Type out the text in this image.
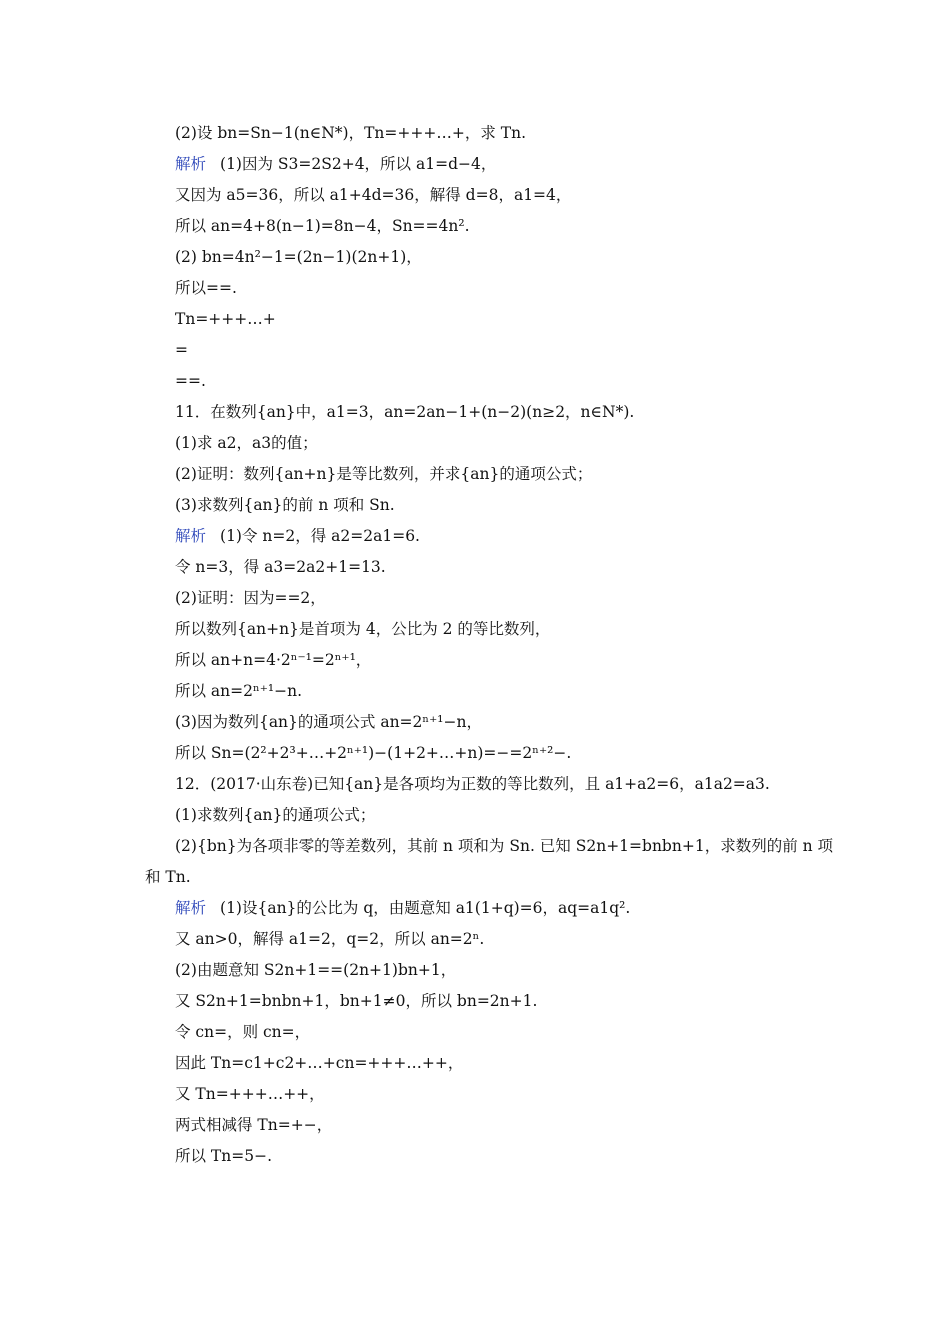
(2)设 bn=Sn−1(n∈N*)，Tn=+++…+，求 Tn.
解析 (1)因为 S3=2S2+4，所以 a1=d−4，
又因为 a5=36，所以 a1+4d=36，解得 d=8，a1=4，
所以 an=4+8(n−1)=8n−4，Sn==4n².
(2) bn=4n²−1=(2n−1)(2n+1)，
所以==.
Tn=+++…+
=
==.
11．在数列{an}中，a1=3，an=2an−1+(n−2)(n≥2，n∈N*).
(1)求 a2，a3的值；
(2)证明：数列{an+n}是等比数列，并求{an}的通项公式；
(3)求数列{an}的前 n 项和 Sn.
解析 (1)令 n=2，得 a2=2a1=6.
令 n=3，得 a3=2a2+1=13.
(2)证明：因为==2，
所以数列{an+n}是首项为 4，公比为 2 的等比数列，
所以 an+n=4·2ⁿ⁻¹=2ⁿ⁺¹，
所以 an=2ⁿ⁺¹−n.
(3)因为数列{an}的通项公式 an=2ⁿ⁺¹−n，
所以 Sn=(2²+2³+…+2ⁿ⁺¹)−(1+2+…+n)=−=2ⁿ⁺²−.
12．(2017·山东卷)已知{an}是各项均为正数的等比数列，且 a1+a2=6，a1a2=a3.
(1)求数列{an}的通项公式；
(2){bn}为各项非零的等差数列，其前 n 项和为 Sn. 已知 S2n+1=bnbn+1，求数列的前 n 项
和 Tn.
解析 (1)设{an}的公比为 q，由题意知 a1(1+q)=6，aq=a1q².
又 an>0，解得 a1=2，q=2，所以 an=2ⁿ.
(2)由题意知 S2n+1==(2n+1)bn+1，
又 S2n+1=bnbn+1，bn+1≠0，所以 bn=2n+1.
令 cn=，则 cn=，
因此 Tn=c1+c2+…+cn=+++…++，
又 Tn=+++…++，
两式相减得 Tn=+−，
所以 Tn=5−.
